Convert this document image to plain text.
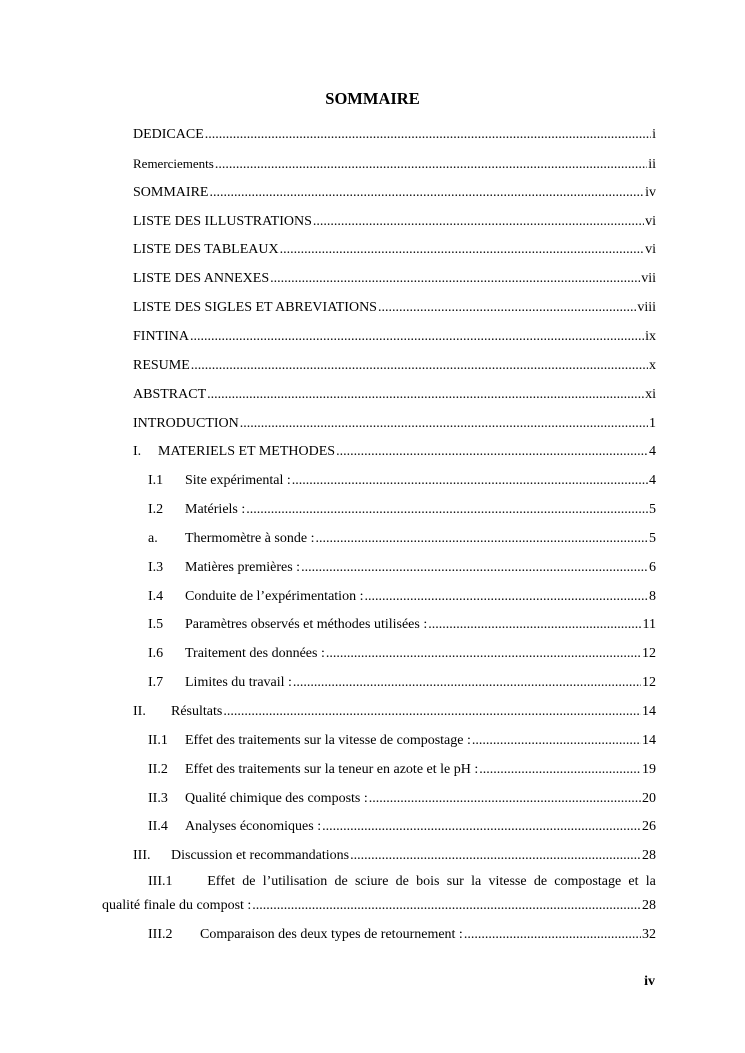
SOMMAIRE
DEDICACE .....	i
Remerciements .....	ii
SOMMAIRE .....	iv
LISTE DES ILLUSTRATIONS .....	vi
LISTE DES TABLEAUX .....	vi
LISTE DES ANNEXES .....	vii
LISTE DES SIGLES ET ABREVIATIONS .....	viii
FINTINA .....	ix
RESUME .....	x
ABSTRACT .....	xi
INTRODUCTION .....	1
I.	MATERIELS ET METHODES .....	4
I.1	Site expérimental : .....	4
I.2	Matériels : .....	5
a.	Thermomètre à sonde : .....	5
I.3	Matières premières : .....	6
I.4	Conduite de l’expérimentation : .....	8
I.5	Paramètres observés et méthodes utilisées : .....	11
I.6	Traitement des données : .....	12
I.7	Limites du travail : .....	12
II.	Résultats .....	14
II.1	Effet des traitements sur la vitesse de compostage : .....	14
II.2	Effet des traitements sur la teneur en azote et le pH : .....	19
II.3	Qualité chimique des composts : .....	20
II.4	Analyses économiques : .....	26
III.	Discussion et recommandations .....	28
III.1	Effet de l’utilisation de sciure de bois sur la vitesse de compostage et la
qualité finale du compost : .....	28
III.2	Comparaison des deux types de retournement : .....	32
iv
